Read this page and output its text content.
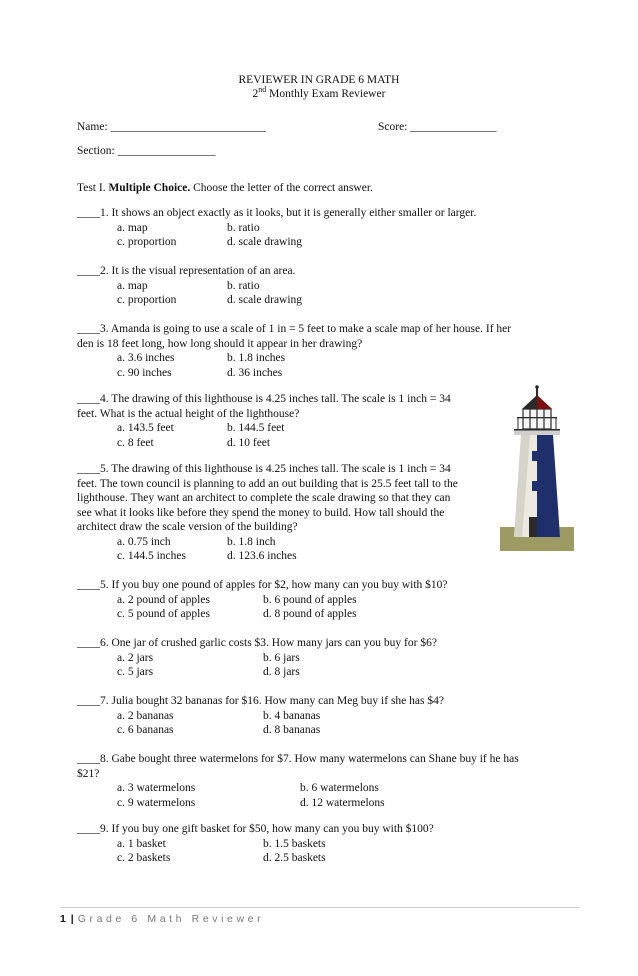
REVIEWER IN GRADE 6 MATH
2nd Monthly Exam Reviewer
Name: ___________________________	Score: _______________
Section: _________________
Test I. Multiple Choice. Choose the letter of the correct answer.
____1. It shows an object exactly as it looks, but it is generally either smaller or larger.
a. map	b. ratio
c. proportion	d. scale drawing
____2. It is the visual representation of an area.
a. map	b. ratio
c. proportion	d. scale drawing
____3. Amanda is going to use a scale of 1 in = 5 feet to make a scale map of her house. If her
den is 18 feet long, how long should it appear in her drawing?
a. 3.6 inches	b. 1.8 inches
c. 90 inches	d. 36 inches
____4. The drawing of this lighthouse is 4.25 inches tall. The scale is 1 inch = 34
feet. What is the actual height of the lighthouse?
a. 143.5 feet	b. 144.5 feet
c. 8 feet	d. 10 feet
____5. The drawing of this lighthouse is 4.25 inches tall. The scale is 1 inch = 34
feet. The town council is planning to add an out building that is 25.5 feet tall to the
lighthouse. They want an architect to complete the scale drawing so that they can
see what it looks like before they spend the money to build. How tall should the
architect draw the scale version of the building?
a. 0.75 inch	b. 1.8 inch
c. 144.5 inches	d. 123.6 inches
____5. If you buy one pound of apples for $2, how many can you buy with $10?
a. 2 pound of apples	b. 6 pound of apples
c. 5 pound of apples	d. 8 pound of apples
____6. One jar of crushed garlic costs $3. How many jars can you buy for $6?
a. 2 jars	b. 6 jars
c. 5 jars	d. 8 jars
____7. Julia bought 32 bananas for $16. How many can Meg buy if she has $4?
a. 2 bananas	b. 4 bananas
c. 6 bananas	d. 8 bananas
____8. Gabe bought three watermelons for $7. How many watermelons can Shane buy if he has
$21?
a. 3 watermelons	b. 6 watermelons
c. 9 watermelons	d. 12 watermelons
____9. If you buy one gift basket for $50, how many can you buy with $100?
a. 1 basket	b. 1.5 baskets
c. 2 baskets	d. 2.5 baskets
1 | Grade 6 Math Reviewer
